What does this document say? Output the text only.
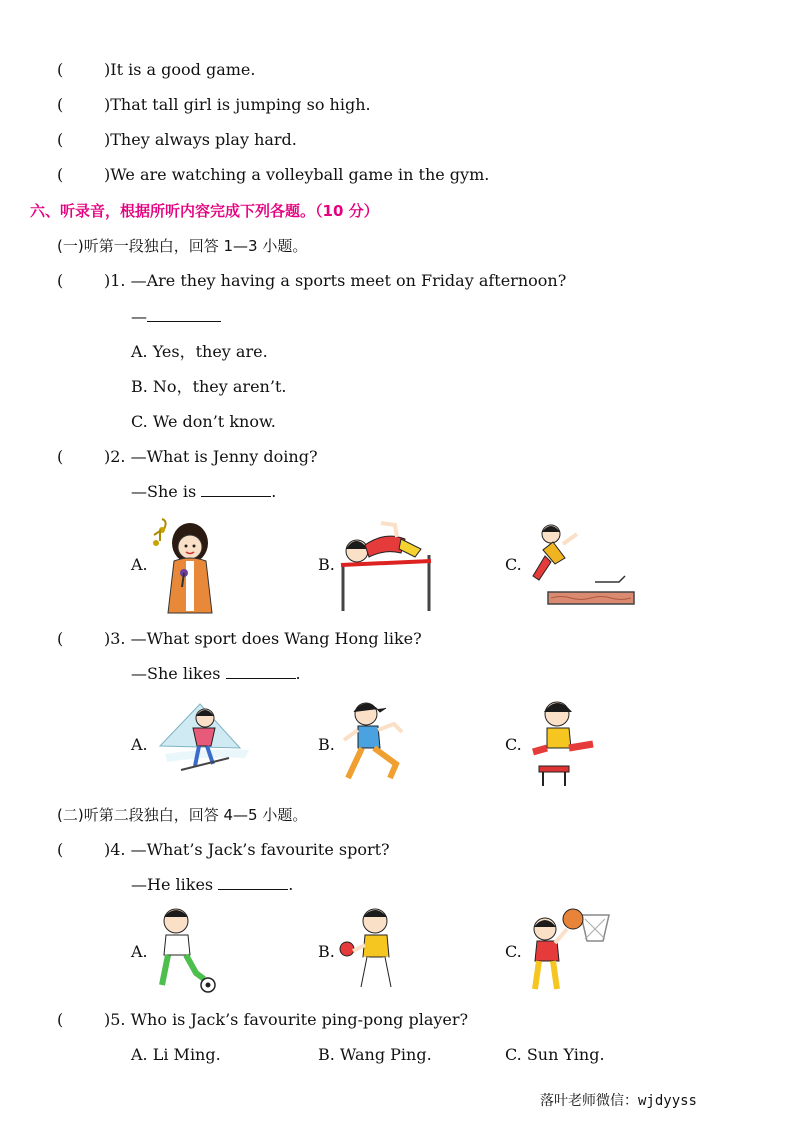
(	)It is a good game.
(	)That tall girl is jumping so high.
(	)They always play hard.
(	)We are watching a volleyball game in the gym.
六、听录音，根据所听内容完成下列各题。（10 分）
(一)听第一段独白，回答 1—3 小题。
(	)1. —Are they having a sports meet on Friday afternoon?
—
A. Yes，they are.
B. No，they aren’t.
C. We don’t know.
(	)2. —What is Jenny doing?
—She is	.
A.	B.	C.
(	)3. —What sport does Wang Hong like?
—She likes	.
A.	B.	C.
(二)听第二段独白，回答 4—5 小题。
(	)4. —What’s Jack’s favourite sport?
—He likes	.
A.	B.	C.
(	)5. Who is Jack’s favourite ping-pong player?
A. Li Ming.	B. Wang Ping.	C. Sun Ying.
落叶老师微信：wjdyyss
